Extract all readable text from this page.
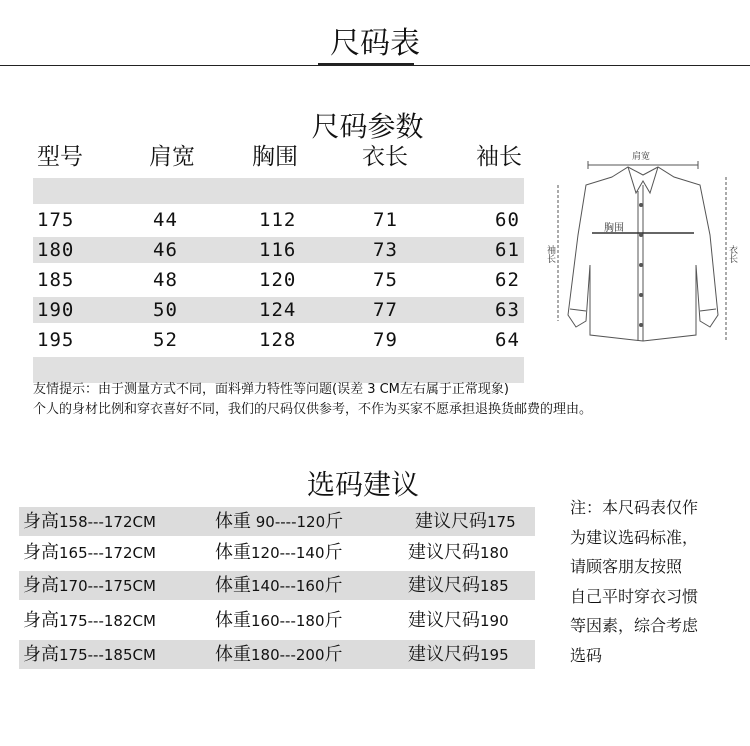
尺码表
尺码参数
型号	肩宽 胸围	衣长	袖长
175	44	112	71	60
180	46	116	73	61
185	48	120	75	62
190	50	124	77	63
195	52	128	79	64
肩宽
胸围
袖长	衣长
友情提示：由于测量方式不同，面料弹力特性等问题(误差 3 CM左右属于正常现象)
个人的身材比例和穿衣喜好不同，我们的尺码仅供参考，不作为买家不愿承担退换货邮费的理由。
选码建议
身高158---172CM	体重 90----120斤	建议尺码175
身高165---172CM	体重120---140斤	建议尺码180
身高170---175CM	体重140---160斤	建议尺码185
身高175---182CM	体重160---180斤	建议尺码190
身高175---185CM	体重180---200斤	建议尺码195
注：本尺码表仅作
为建议选码标准，
请顾客朋友按照
自己平时穿衣习惯
等因素，综合考虑
选码
